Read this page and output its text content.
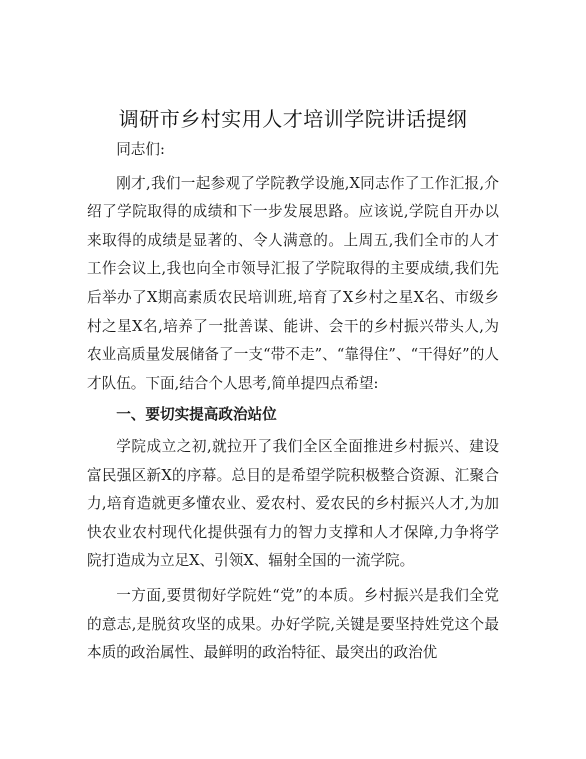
调研市乡村实用人才培训学院讲话提纲

同志们:

刚才,我们一起参观了学院教学设施,X同志作了工作汇报,介绍了学院取得的成绩和下一步发展思路。应该说,学院自开办以来取得的成绩是显著的、令人满意的。上周五,我们全市的人才工作会议上,我也向全市领导汇报了学院取得的主要成绩,我们先后举办了X期高素质农民培训班,培育了X乡村之星X名、市级乡村之星X名,培养了一批善谋、能讲、会干的乡村振兴带头人,为农业高质量发展储备了一支“带不走”、“靠得住”、“干得好”的人才队伍。下面,结合个人思考,简单提四点希望:

一、要切实提高政治站位

学院成立之初,就拉开了我们全区全面推进乡村振兴、建设富民强区新X的序幕。总目的是希望学院积极整合资源、汇聚合力,培育造就更多懂农业、爱农村、爱农民的乡村振兴人才,为加快农业农村现代化提供强有力的智力支撑和人才保障,力争将学院打造成为立足X、引领X、辐射全国的一流学院。

一方面,要贯彻好学院姓“党”的本质。乡村振兴是我们全党的意志,是脱贫攻坚的成果。办好学院,关键是要坚持姓党这个最本质的政治属性、最鲜明的政治特征、最突出的政治优
